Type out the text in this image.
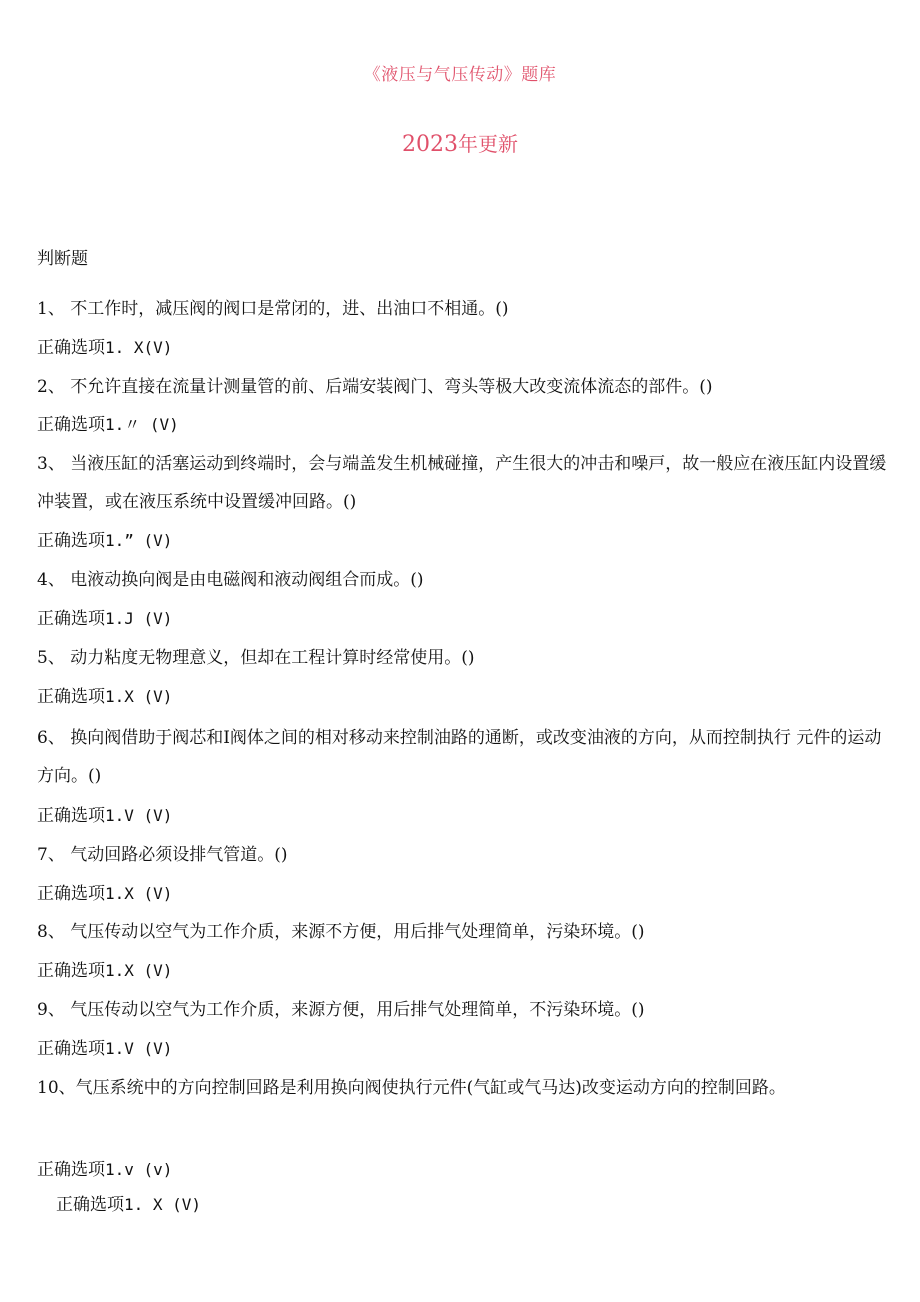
《液压与气压传动》题库
2023年更新
判断题
1、 不工作时，减压阀的阀口是常闭的，进、出油口不相通。()
正确选项1. X(V)
2、 不允许直接在流量计测量管的前、后端安装阀门、弯头等极大改变流体流态的部件。()
正确选项1.〃 (V)
3、 当液压缸的活塞运动到终端时，会与端盖发生机械碰撞，产生很大的冲击和噪戸，故一般应在液压缸内设置缓冲装置，或在液压系统中设置缓冲回路。()
正确选项1.” (V)
4、 电液动换向阀是由电磁阀和液动阀组合而成。()
正确选项1.J (V)
5、 动力粘度无物理意义，但却在工程计算时经常使用。()
正确选项1.X (V)
6、 换向阀借助于阀芯和I阀体之间的相对移动来控制油路的通断，或改变油液的方向，从而控制执行 元件的运动方向。()
正确选项1.V (V)
7、 气动回路必须设排气管道。()
正确选项1.X (V)
8、 气压传动以空气为工作介质，来源不方便，用后排气处理简单，污染环境。()
正确选项1.X (V)
9、 气压传动以空气为工作介质，来源方便，用后排气处理简单，不污染环境。()
正确选项1.V (V)
10、气压系统中的方向控制回路是利用换向阀使执行元件(气缸或气马达)改变运动方向的控制回路。
正确选项1.v (v)
正确选项1. X (V)
